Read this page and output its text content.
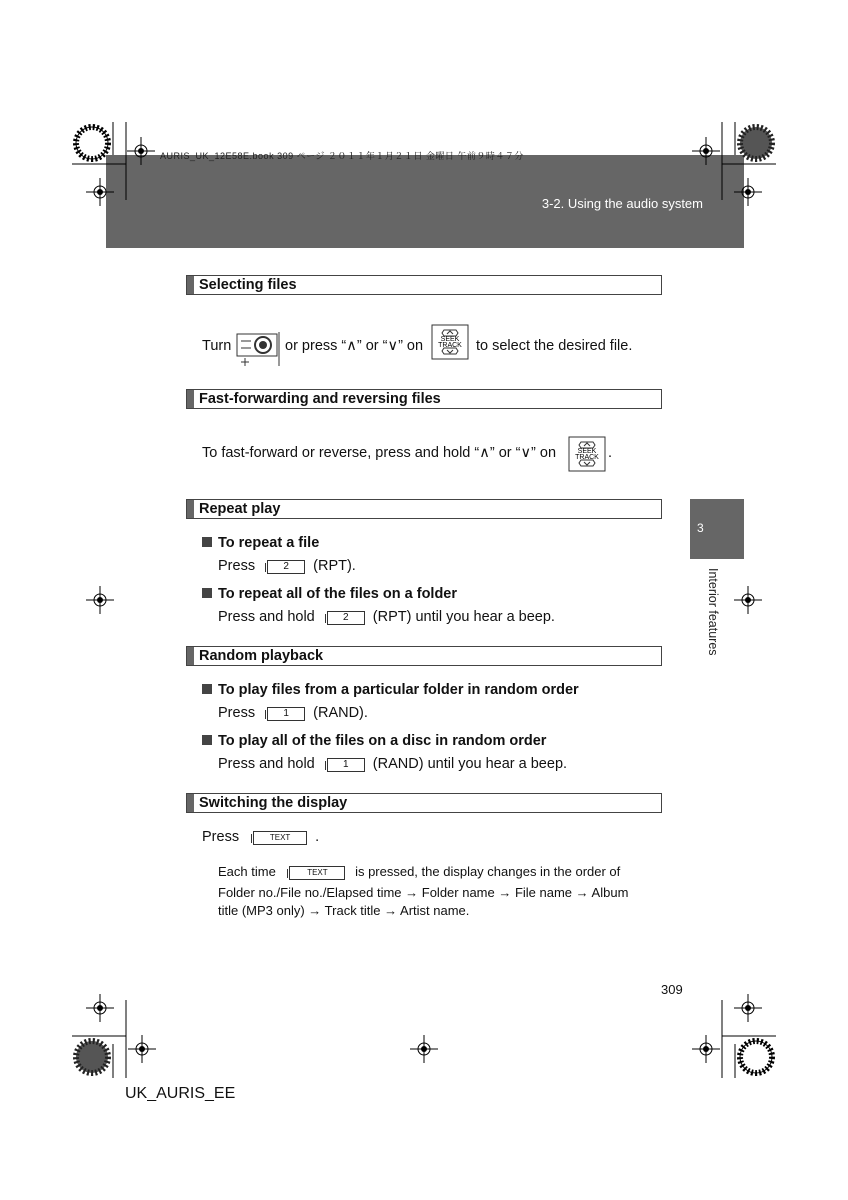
AURIS_UK_12E58E.book 309 ページ ２０１１年１月２１日 金曜日 午前９時４７分
3-2. Using the audio system
Selecting files
Turn	or press “∧” or “∨” on	SEEK
TRACK to select the desired file.
Fast-forwarding and reversing files
To fast-forward or reverse, press and hold “∧” or “∨” on	SEEK
TRACK .
Repeat play
To repeat a file
Press	2 (RPT).
To repeat all of the files on a folder
Press and hold	2 (RPT) until you hear a beep.
Random playback
To play files from a particular folder in random order
Press	1 (RAND).
To play all of the files on a disc in random order
Press and hold	1 (RAND) until you hear a beep.
Switching the display
Press	TEXT .
Each time	TEXT is pressed, the display changes in the order of
Folder no./File no./Elapsed time → Folder name → File name → Album
title (MP3 only) → Track title → Artist name.
3
Interior features
309
UK_AURIS_EE
